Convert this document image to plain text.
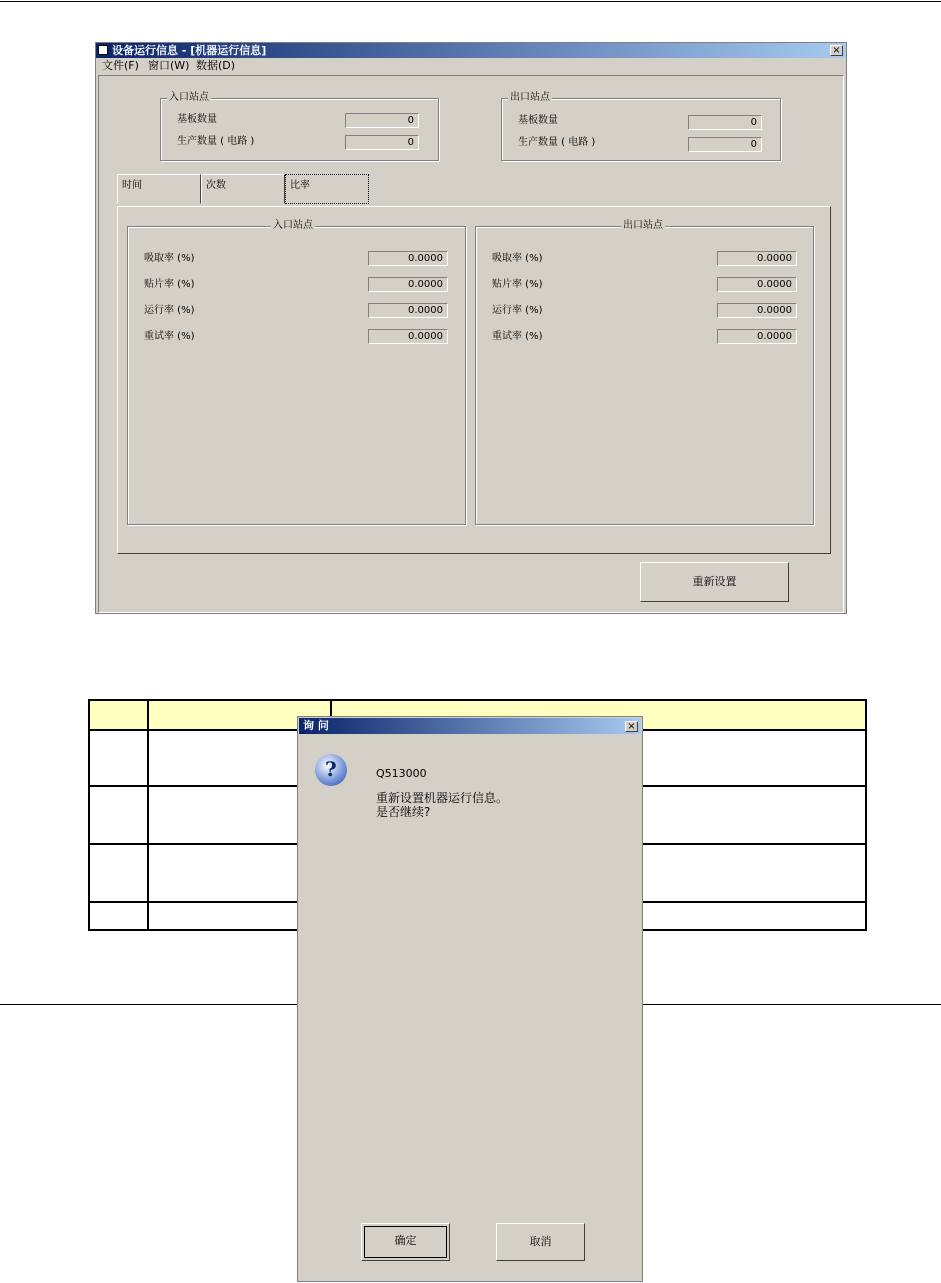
设备运行信息 - [机器运行信息]	×
文件(F) 窗口(W) 数据(D)
入口站点
基板数量	0
生产数量 ( 电路 )	0
出口站点
基板数量	0
生产数量 ( 电路 )	0
时间	次数	比率
入口站点
吸取率 (%)	0.0000
贴片率 (%)	0.0000
运行率 (%)	0.0000
重试率 (%)	0.0000
出口站点
吸取率 (%)	0.0000
贴片率 (%)	0.0000
运行率 (%)	0.0000
重试率 (%)	0.0000
重新设置

询 问	×
?	Q513000
重新设置机器运行信息。
是否继续?
确定	取消
